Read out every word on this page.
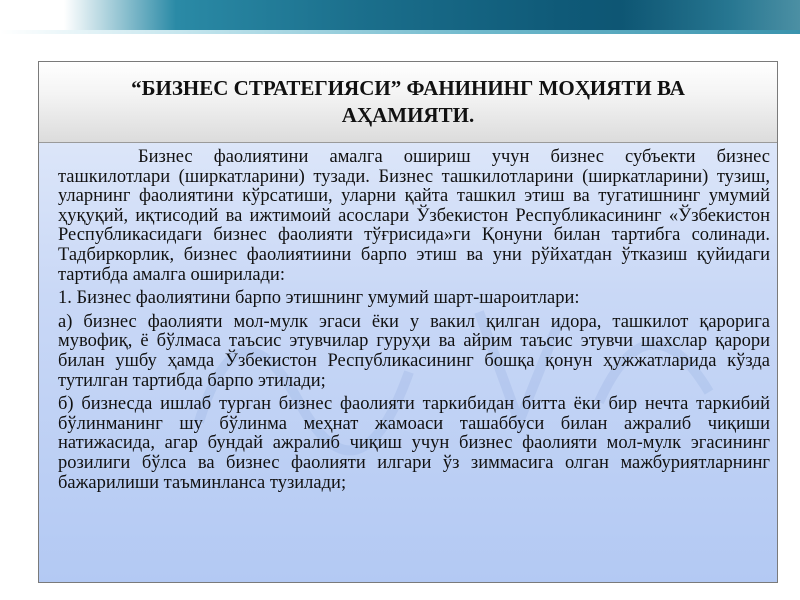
“БИЗНЕС СТРАТЕГИЯСИ” ФАНИНИНГ МОҲИЯТИ ВА АҲАМИЯТИ.

Бизнес фаолиятини амалга ошириш учун бизнес субъекти бизнес ташкилотлари (ширкатларини) тузади. Бизнес ташкилотларини (ширкатларини) тузиш, уларнинг фаолиятини кўрсатиши, уларни қайта ташкил этиш ва тугатишнинг умумий ҳуқуқий, иқтисодий ва ижтимоий асослари Ўзбекистон Республикасининг «Ўзбекистон Республикасидаги бизнес фаолияти тўғрисида»ги Қонуни билан тартибга солинади. Тадбиркорлик, бизнес фаолиятиини барпо этиш ва уни рўйхатдан ўтказиш қуйидаги тартибда амалга оширилади:

1. Бизнес фаолиятини барпо этишнинг умумий шарт-шароитлари:

а) бизнес фаолияти мол-мулк эгаси ёки у вакил қилган идора, ташкилот қарорига мувофиқ, ё бўлмаса таъсис этувчилар гуруҳи ва айрим таъсис этувчи шахслар қарори билан ушбу ҳамда Ўзбекистон Республикасининг бошқа қонун ҳужжатларида кўзда тутилган тартибда барпо этилади;

б) бизнесда ишлаб турган бизнес фаолияти таркибидан битта ёки бир нечта таркибий бўлинманинг шу бўлинма меҳнат жамоаси ташаббуси билан ажралиб чиқиши натижасида, агар бундай ажралиб чиқиш учун бизнес фаолияти мол-мулк эгасининг розилиги бўлса ва бизнес фаолияти илгари ўз зиммасига олган мажбуриятларнинг бажарилиши таъминланса тузилади;
